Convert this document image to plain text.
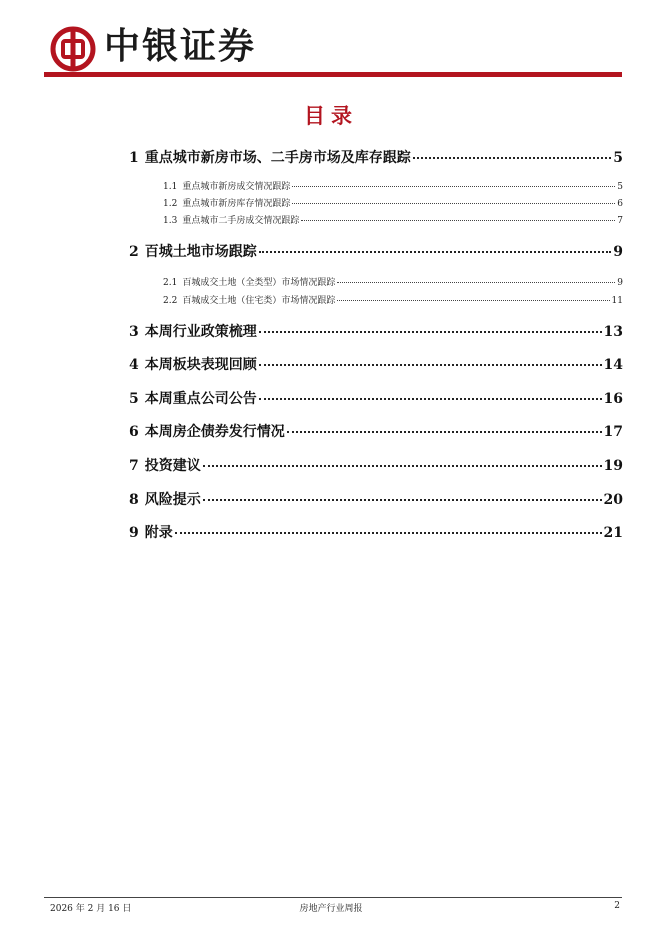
中银证券
目录
1 重点城市新房市场、二手房市场及库存跟踪	5
1.1 重点城市新房成交情况跟踪	5
1.2 重点城市新房库存情况跟踪	6
1.3 重点城市二手房成交情况跟踪	7
2 百城土地市场跟踪	9
2.1 百城成交土地（全类型）市场情况跟踪	9
2.2 百城成交土地（住宅类）市场情况跟踪	11
3 本周行业政策梳理	13
4 本周板块表现回顾	14
5 本周重点公司公告	16
6 本周房企债券发行情况	17
7 投资建议	19
8 风险提示	20
9 附录	21
2026 年 2 月 16 日	房地产行业周报	2
